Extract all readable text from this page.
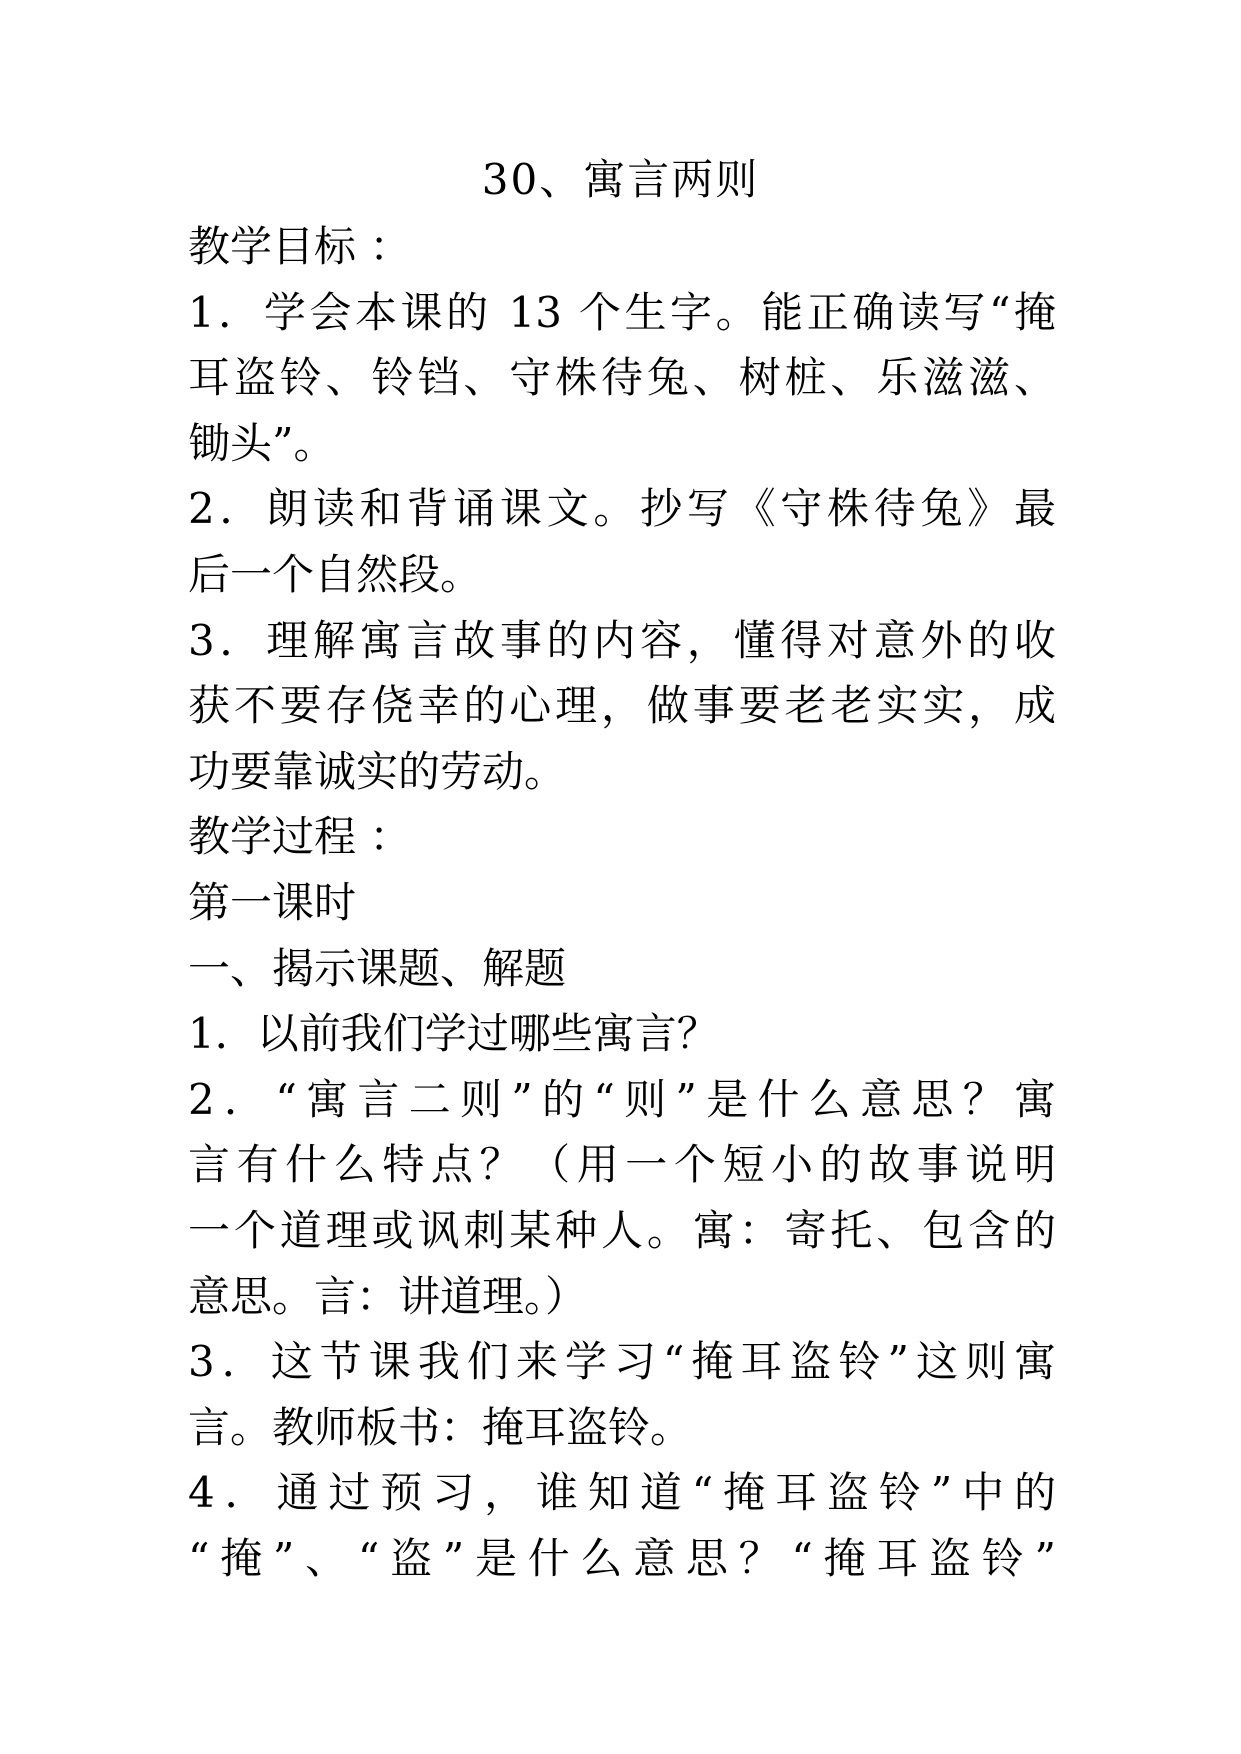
30、寓言两则
教学目标 ：
1．学会本课的 13 个生字。能正确读写“掩
耳盗铃、铃铛、守株待兔、树桩、乐滋滋、
锄头”。
2．朗读和背诵课文。抄写《守株待兔》最
后一个自然段。
3．理解寓言故事的内容，懂得对意外的收
获不要存侥幸的心理，做事要老老实实，成
功要靠诚实的劳动。
教学过程 ：
第一课时
一、揭示课题、解题
1．以前我们学过哪些寓言？
2．“寓言二则”的“则”是什么意思？寓
言有什么特点？（用一个短小的故事说明
一个道理或讽刺某种人。寓：寄托、包含的
意思。言：讲道理。）
3．这节课我们来学习“掩耳盗铃”这则寓
言。教师板书：掩耳盗铃。
4．通过预习，谁知道“掩耳盗铃”中的
“掩”、“盗”是什么意思？“掩耳盗铃”
